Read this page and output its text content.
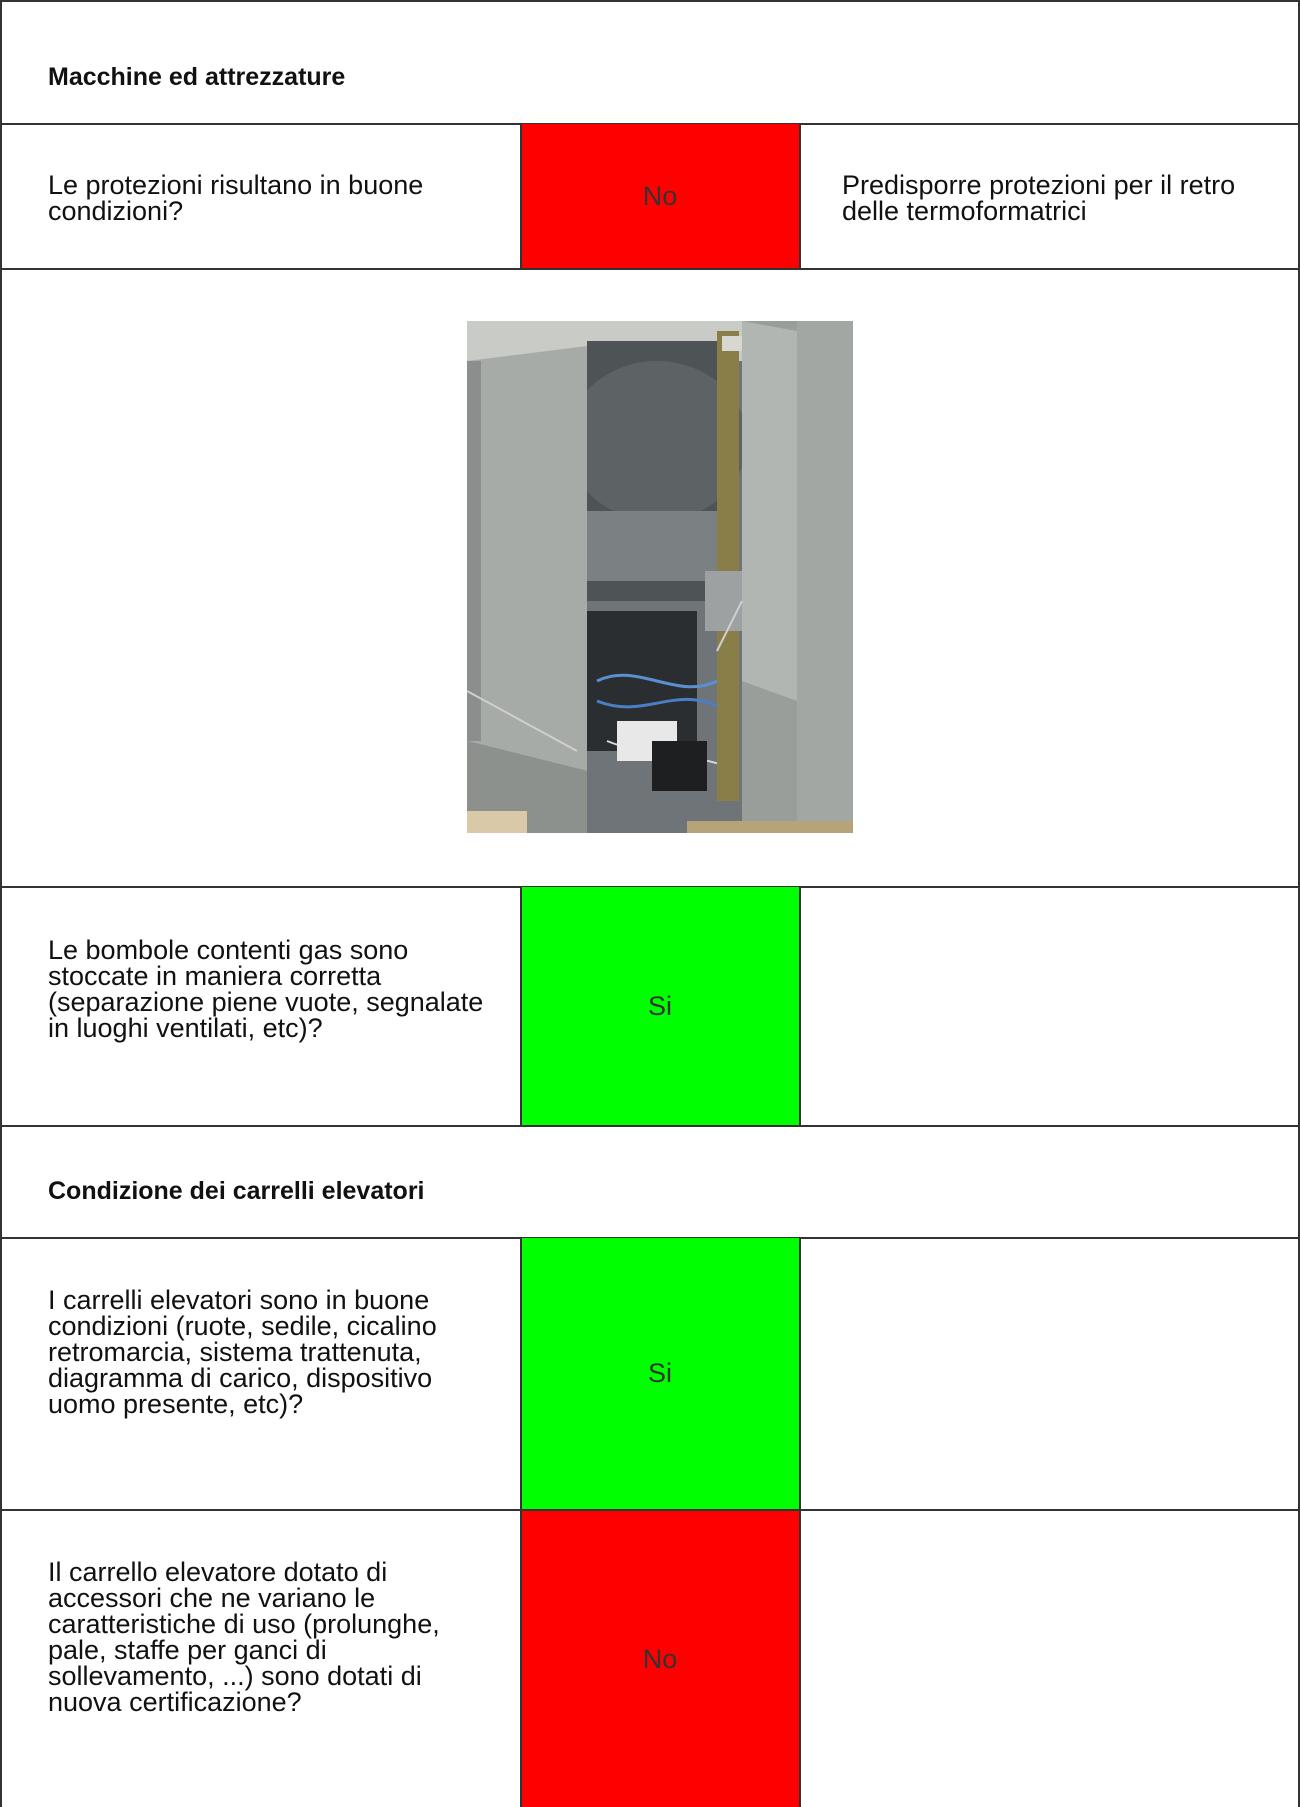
Macchine ed attrezzature
Le protezioni risultano in buone condizioni?	No	Predisporre protezioni per il retro delle termoformatrici
Le bombole contenti gas sono stoccate in maniera corretta (separazione piene vuote, segnalate in luoghi ventilati, etc)?
Si
Condizione dei carrelli elevatori
I carrelli elevatori sono in buone condizioni (ruote, sedile, cicalino retromarcia, sistema trattenuta, diagramma di carico, dispositivo uomo presente, etc)?
Si
Il carrello elevatore dotato di accessori che ne variano le caratteristiche di uso (prolunghe, pale, staffe per ganci di sollevamento, ...) sono dotati di nuova certificazione?
No
